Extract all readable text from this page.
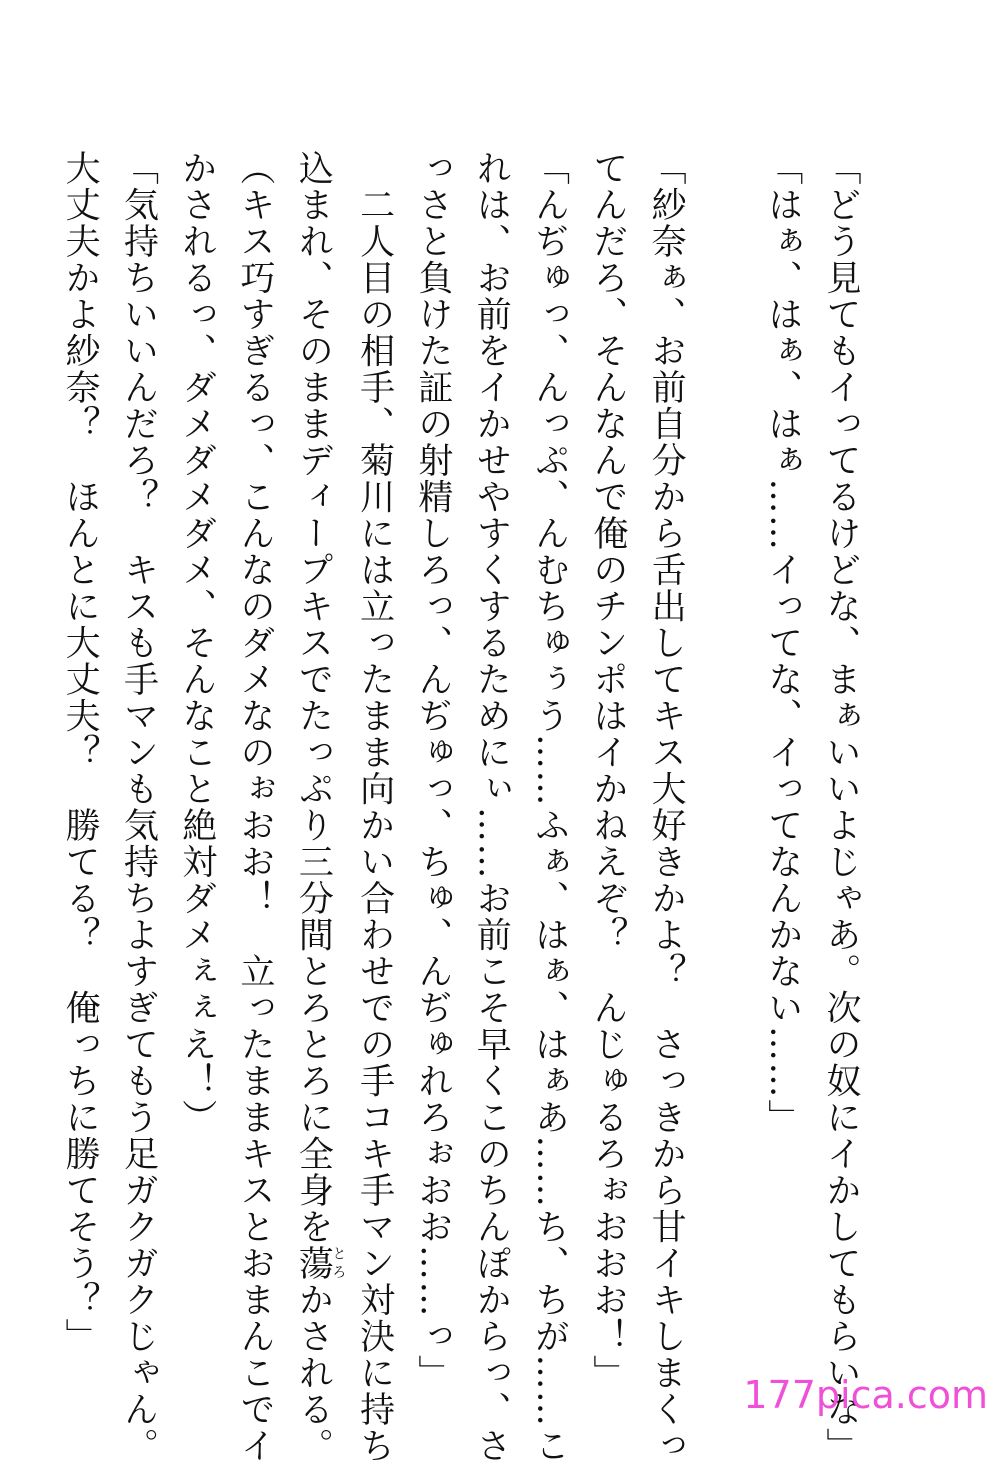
「どう見てもイってるけどな、まぁいいよじゃあ。次の奴にイかしてもらいな」
「はぁ、はぁ、はぁ……イってな、イってなんかない……」
「紗奈ぁ、お前自分から舌出してキス大好きかよ？　さっきから甘イキしまくっ
てんだろ、そんなんで俺のチンポはイかねえぞ？　んじゅるろぉおおお！」
「んぢゅっ、んっぷ、んむちゅぅう……ふぁ、はぁ、はぁあ……ち、ちが……こ
れは、お前をイかせやすくするためにぃ……お前こそ早くこのちんぽからっ、さ
っさと負けた証の射精しろっ、んぢゅっ、ちゅ、んぢゅれろぉおお……っ」
　二人目の相手、菊川には立ったまま向かい合わせでの手コキ手マン対決に持ち
込まれ、そのままディープキスでたっぷり三分間とろとろに全身を蕩とろかされる。
（キス巧すぎるっ、こんなのダメなのぉおお！　立ったままキスとおまんこでイ
かされるっ、ダメダメダメ、そんなこと絶対ダメぇぇえ！）
「気持ちいいんだろ？　キスも手マンも気持ちよすぎてもう足ガクガクじゃん。
大丈夫かよ紗奈？　ほんとに大丈夫？　勝てる？　俺っちに勝てそう？」
177pica.com
